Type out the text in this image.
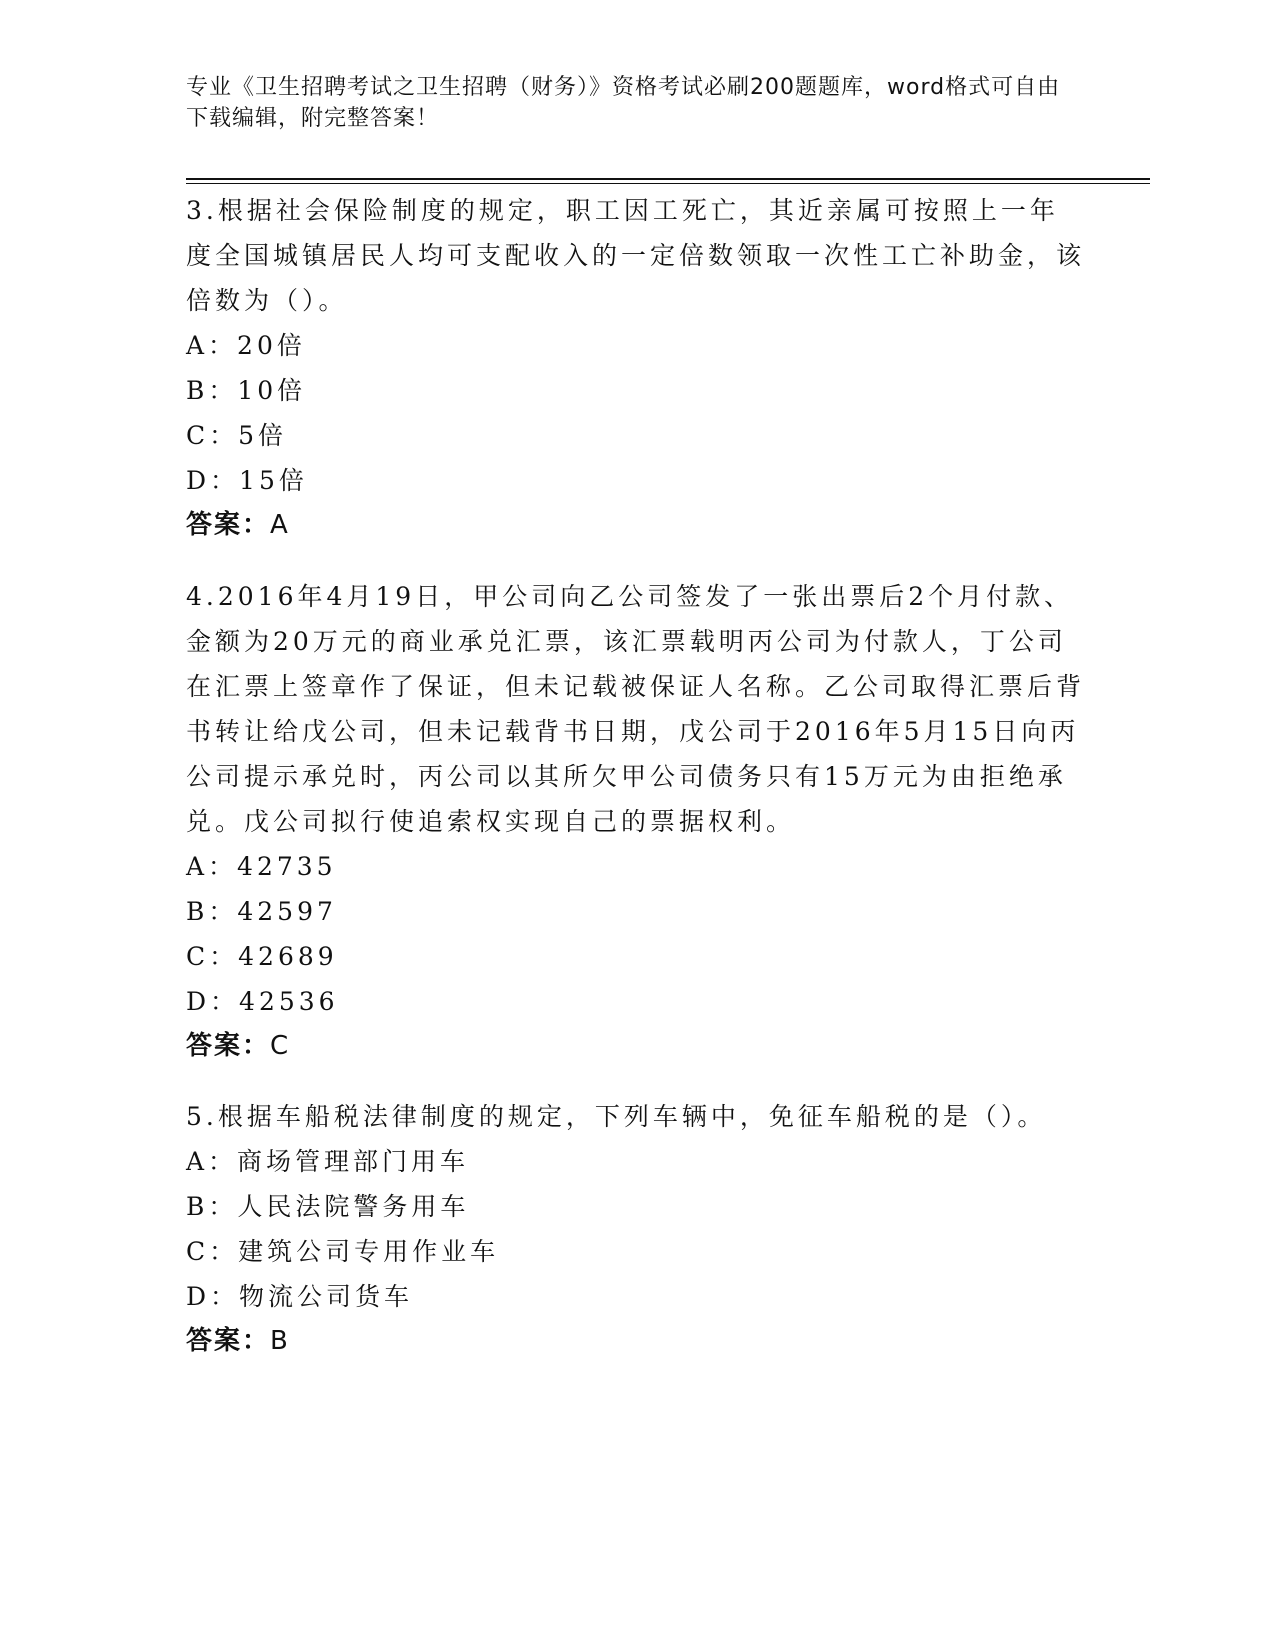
专业《卫生招聘考试之卫生招聘（财务）》资格考试必刷200题题库，word格式可自由下载编辑，附完整答案！

3.根据社会保险制度的规定，职工因工死亡，其近亲属可按照上一年度全国城镇居民人均可支配收入的一定倍数领取一次性工亡补助金，该倍数为（）。

A：20倍

B：10倍

C：5倍

D：15倍

答案：A

4.2016年4月19日，甲公司向乙公司签发了一张出票后2个月付款、金额为20万元的商业承兑汇票，该汇票载明丙公司为付款人，丁公司在汇票上签章作了保证，但未记载被保证人名称。乙公司取得汇票后背书转让给戊公司，但未记载背书日期，戊公司于2016年5月15日向丙公司提示承兑时，丙公司以其所欠甲公司债务只有15万元为由拒绝承兑。戊公司拟行使追索权实现自己的票据权利。

A：42735

B：42597

C：42689

D：42536

答案：C

5.根据车船税法律制度的规定，下列车辆中，免征车船税的是（）。

A：商场管理部门用车

B：人民法院警务用车

C：建筑公司专用作业车

D：物流公司货车

答案：B
